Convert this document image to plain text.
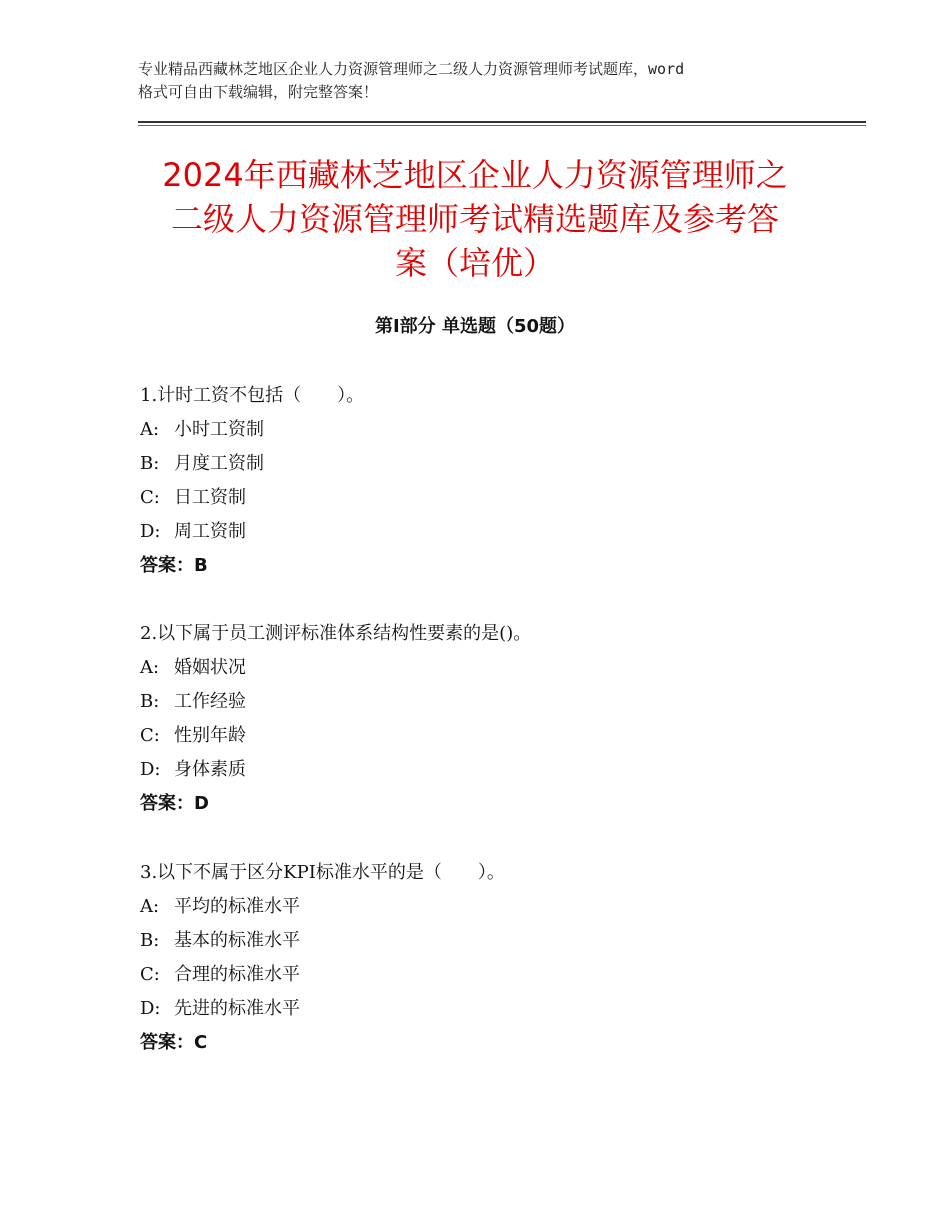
专业精品西藏林芝地区企业人力资源管理师之二级人力资源管理师考试题库，word
格式可自由下载编辑，附完整答案！
2024年西藏林芝地区企业人力资源管理师之
二级人力资源管理师考试精选题库及参考答
案（培优）
第Ⅰ部分 单选题（50题）
1.计时工资不包括（　　）。
A: 小时工资制
B: 月度工资制
C: 日工资制
D: 周工资制
答案：B
2.以下属于员工测评标准体系结构性要素的是()。
A: 婚姻状况
B: 工作经验
C: 性别年龄
D: 身体素质
答案：D
3.以下不属于区分KPI标准水平的是（　　）。
A: 平均的标准水平
B: 基本的标准水平
C: 合理的标准水平
D: 先进的标准水平
答案：C
